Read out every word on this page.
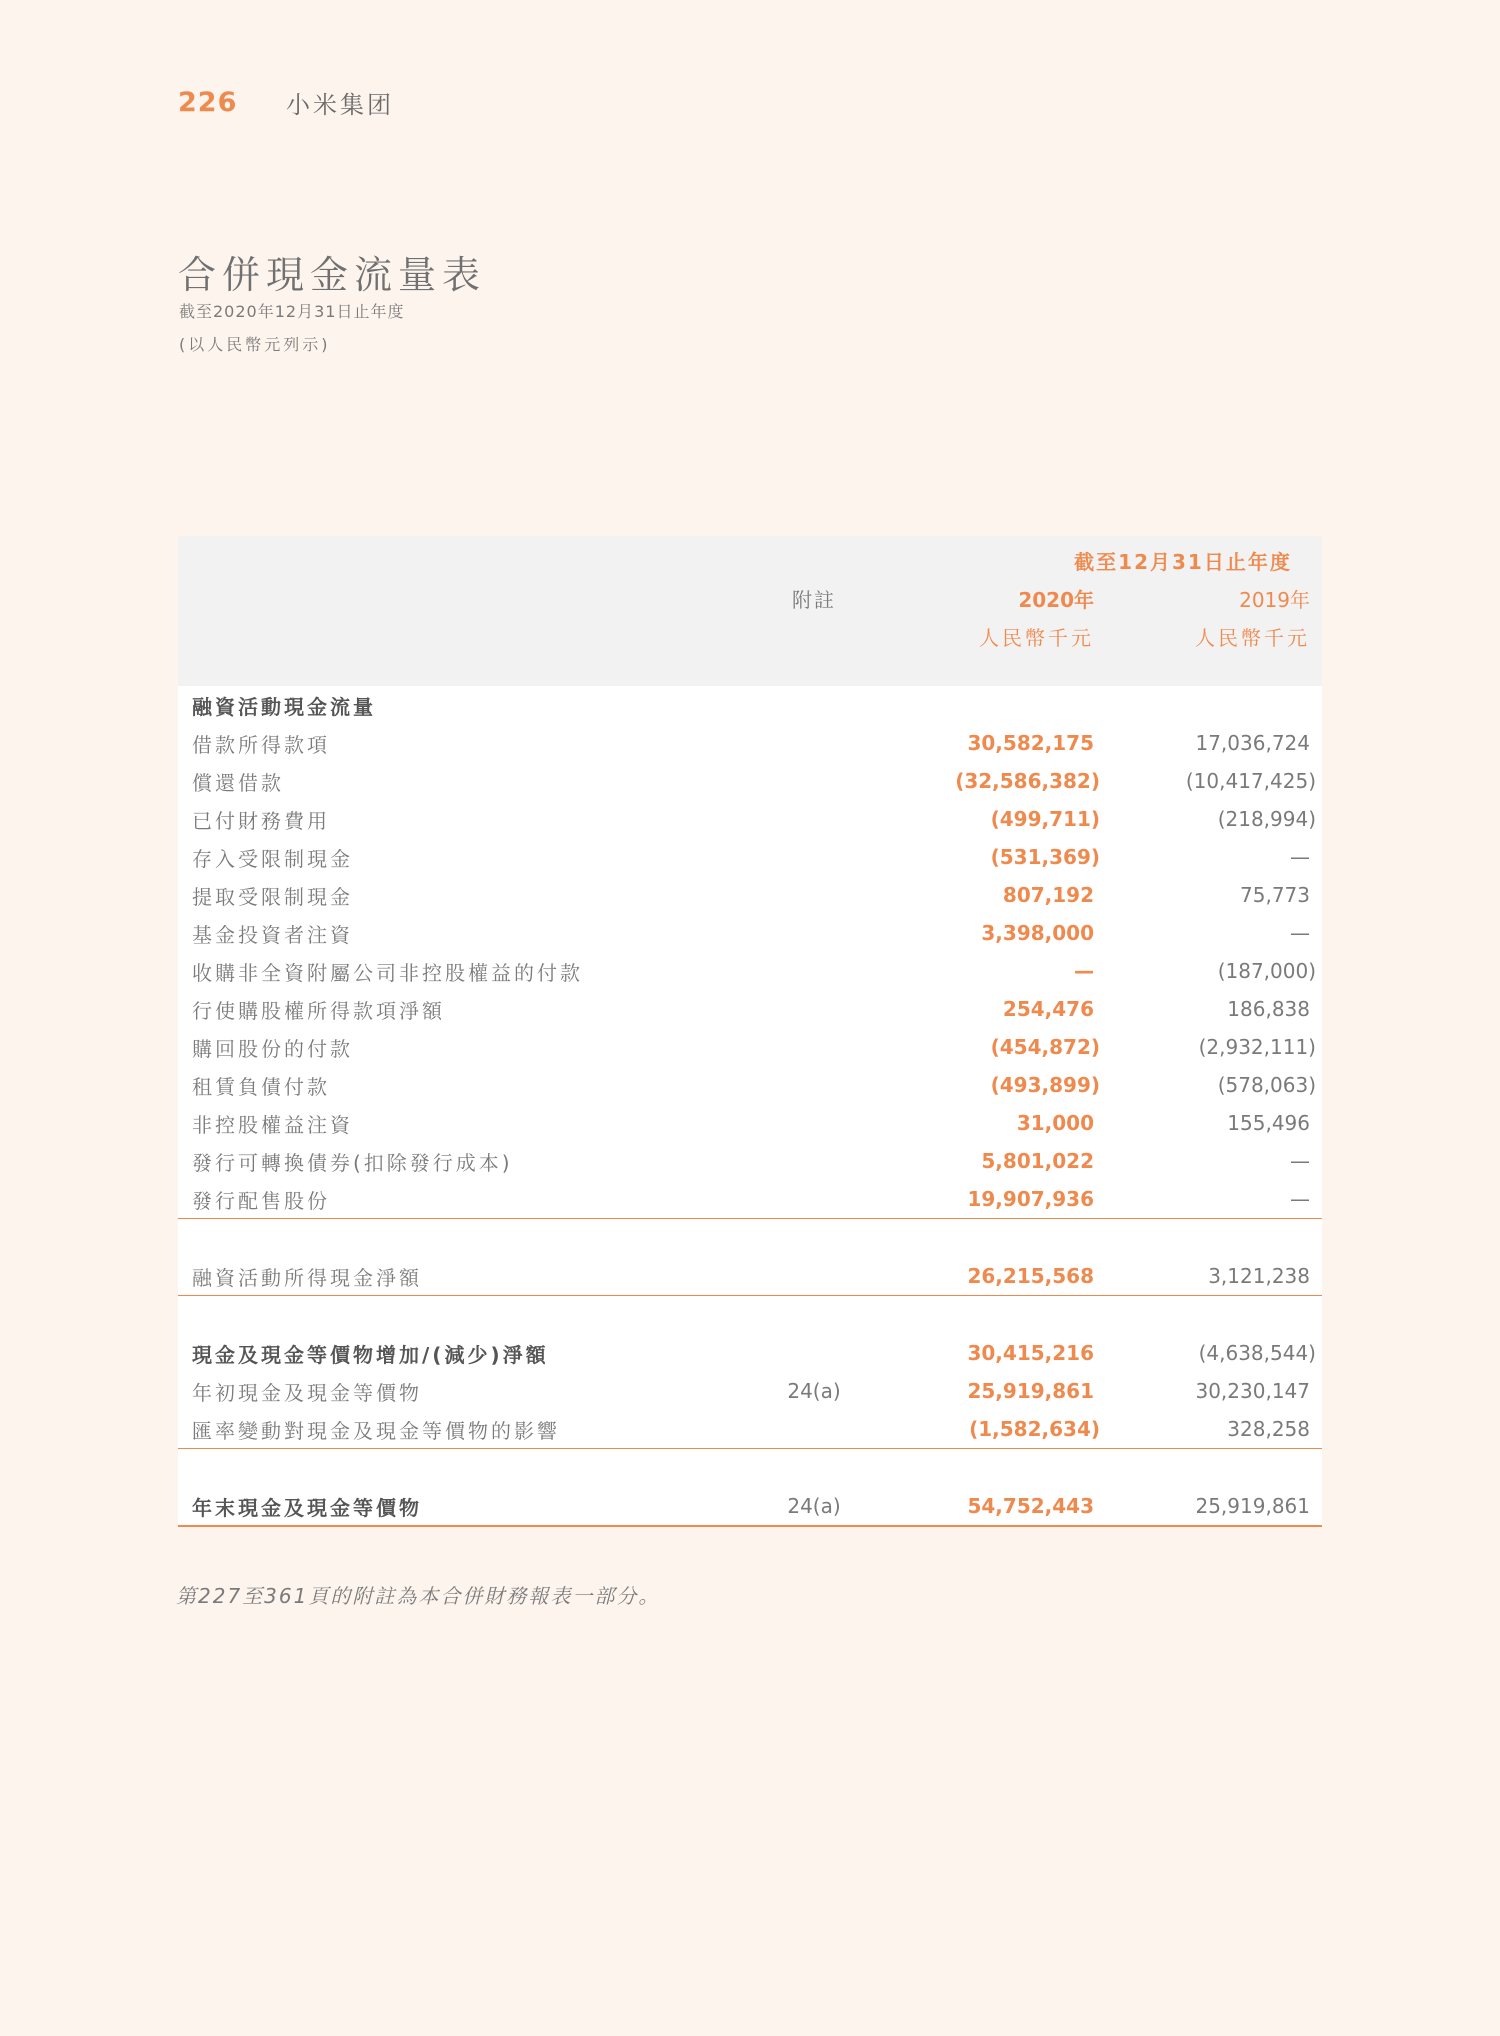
226	小米集团
合併現金流量表
截至2020年12月31日止年度
(以人民幣元列示)
截至12月31日止年度
附註	2020年	2019年
人民幣千元	人民幣千元
融資活動現金流量
借款所得款項	30,582,175	17,036,724
償還借款	(32,586,382)	(10,417,425)
已付財務費用	(499,711)	(218,994)
存入受限制現金	(531,369)	—
提取受限制現金	807,192	75,773
基金投資者注資	3,398,000	—
收購非全資附屬公司非控股權益的付款	—	(187,000)
行使購股權所得款項淨額	254,476	186,838
購回股份的付款	(454,872)	(2,932,111)
租賃負債付款	(493,899)	(578,063)
非控股權益注資	31,000	155,496
發行可轉換債券(扣除發行成本)	5,801,022	—
發行配售股份	19,907,936	—
融資活動所得現金淨額	26,215,568	3,121,238
現金及現金等價物增加/(減少)淨額	30,415,216	(4,638,544)
年初現金及現金等價物	24(a)	25,919,861	30,230,147
匯率變動對現金及現金等價物的影響	(1,582,634)	328,258
年末現金及現金等價物	24(a)	54,752,443	25,919,861
第227至361頁的附註為本合併財務報表一部分。
